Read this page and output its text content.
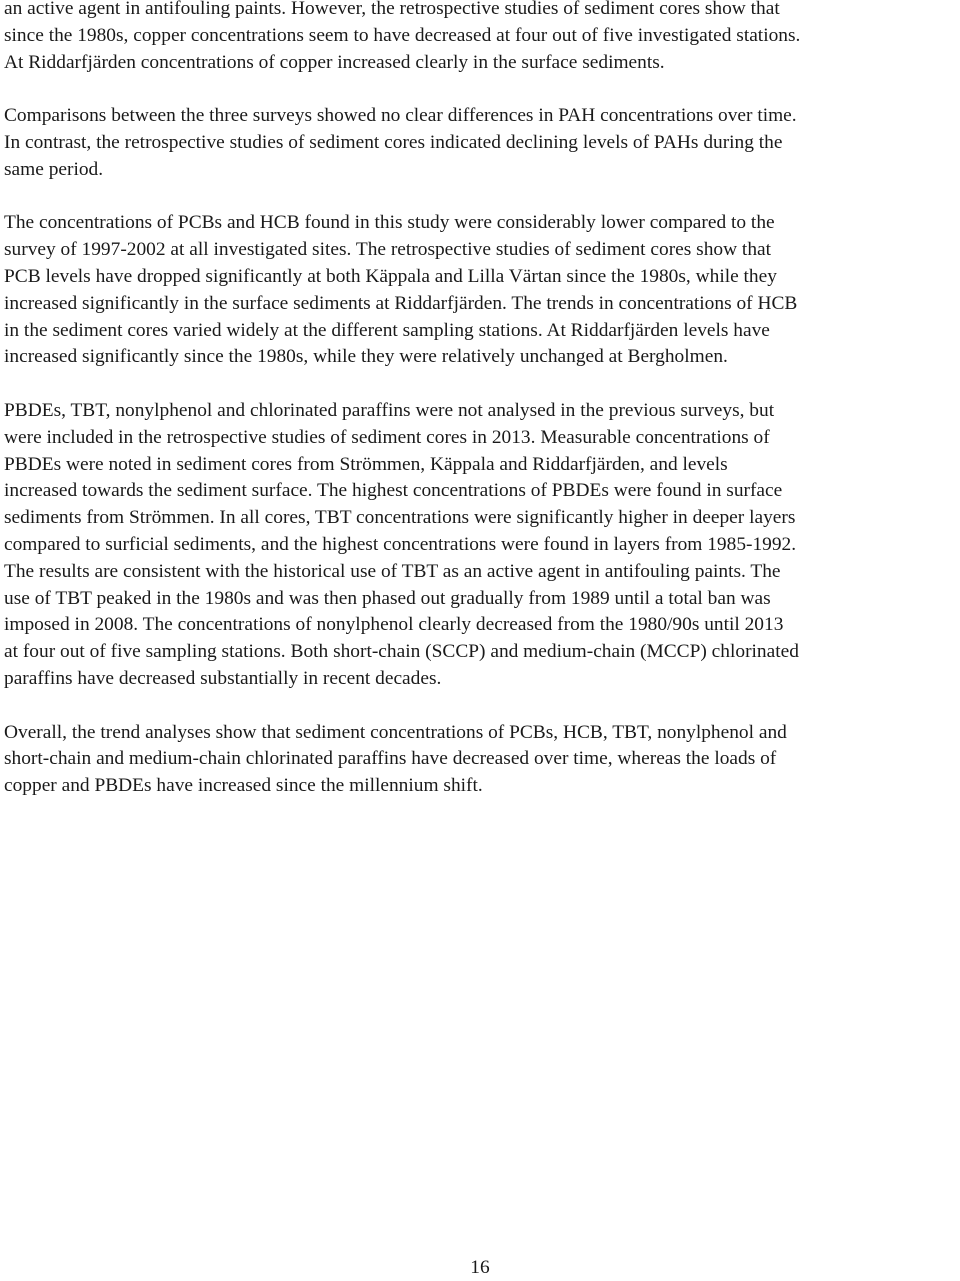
an active agent in antifouling paints. However, the retrospective studies of sediment cores show that
since the 1980s, copper concentrations seem to have decreased at four out of five investigated stations.
At Riddarfjärden concentrations of copper increased clearly in the surface sediments.

Comparisons between the three surveys showed no clear differences in PAH concentrations over time.
In contrast, the retrospective studies of sediment cores indicated declining levels of PAHs during the
same period.

The concentrations of PCBs and HCB found in this study were considerably lower compared to the
survey of 1997-2002 at all investigated sites. The retrospective studies of sediment cores show that
PCB levels have dropped significantly at both Käppala and Lilla Värtan since the 1980s, while they
increased significantly in the surface sediments at Riddarfjärden. The trends in concentrations of HCB
in the sediment cores varied widely at the different sampling stations. At Riddarfjärden levels have
increased significantly since the 1980s, while they were relatively unchanged at Bergholmen.

PBDEs, TBT, nonylphenol and chlorinated paraffins were not analysed in the previous surveys, but
were included in the retrospective studies of sediment cores in 2013. Measurable concentrations of
PBDEs were noted in sediment cores from Strömmen, Käppala and Riddarfjärden, and levels
increased towards the sediment surface. The highest concentrations of PBDEs were found in surface
sediments from Strömmen. In all cores, TBT concentrations were significantly higher in deeper layers
compared to surficial sediments, and the highest concentrations were found in layers from 1985-1992.
The results are consistent with the historical use of TBT as an active agent in antifouling paints. The
use of TBT peaked in the 1980s and was then phased out gradually from 1989 until a total ban was
imposed in 2008. The concentrations of nonylphenol clearly decreased from the 1980/90s until 2013
at four out of five sampling stations. Both short-chain (SCCP) and medium-chain (MCCP) chlorinated
paraffins have decreased substantially in recent decades.

Overall, the trend analyses show that sediment concentrations of PCBs, HCB, TBT, nonylphenol and
short-chain and medium-chain chlorinated paraffins have decreased over time, whereas the loads of
copper and PBDEs have increased since the millennium shift.

16
